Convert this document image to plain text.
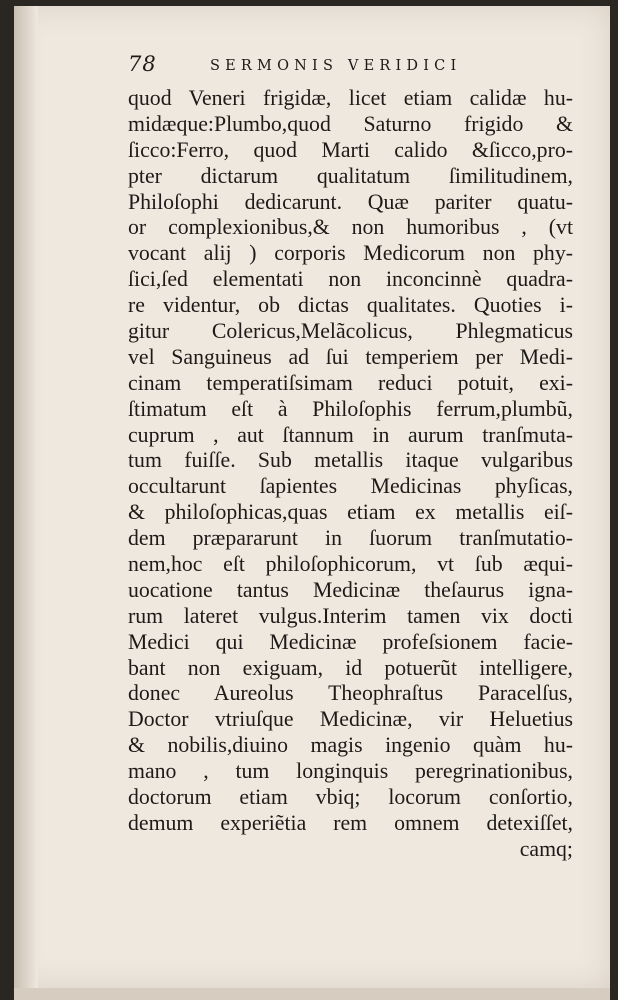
78	SERMONIS VERIDICI
quod Veneri frigidæ, licet etiam calidæ hu-
midæque:Plumbo,quod Saturno frigido &
ſicco:Ferro, quod Marti calido &ſicco,pro-
pter dictarum qualitatum ſimilitudinem,
Philoſophi dedicarunt. Quæ pariter quatu-
or complexionibus,& non humoribus , (vt
vocant alij ) corporis Medicorum non phy-
ſici,ſed elementati non inconcinnè quadra-
re videntur, ob dictas qualitates. Quoties i-
gitur Colericus,Melãcolicus, Phlegmaticus
vel Sanguineus ad ſui temperiem per Medi-
cinam temperatiſsimam reduci potuit, exi-
ſtimatum eſt à Philoſophis ferrum,plumbũ,
cuprum , aut ſtannum in aurum tranſmuta-
tum fuiſſe. Sub metallis itaque vulgaribus
occultarunt ſapientes Medicinas phyſicas,
& philoſophicas,quas etiam ex metallis eiſ-
dem præpararunt in ſuorum tranſmutatio-
nem,hoc eſt philoſophicorum, vt ſub æqui-
uocatione tantus Medicinæ theſaurus igna-
rum lateret vulgus.Interim tamen vix docti
Medici qui Medicinæ profeſsionem facie-
bant non exiguam, id potuerũt intelligere,
donec Aureolus Theophraſtus Paracelſus,
Doctor vtriuſque Medicinæ, vir Heluetius
& nobilis,diuino magis ingenio quàm hu-
mano , tum longinquis peregrinationibus,
doctorum etiam vbiq; locorum conſortio,
demum experiẽtia rem omnem detexiſſet,
camq;
